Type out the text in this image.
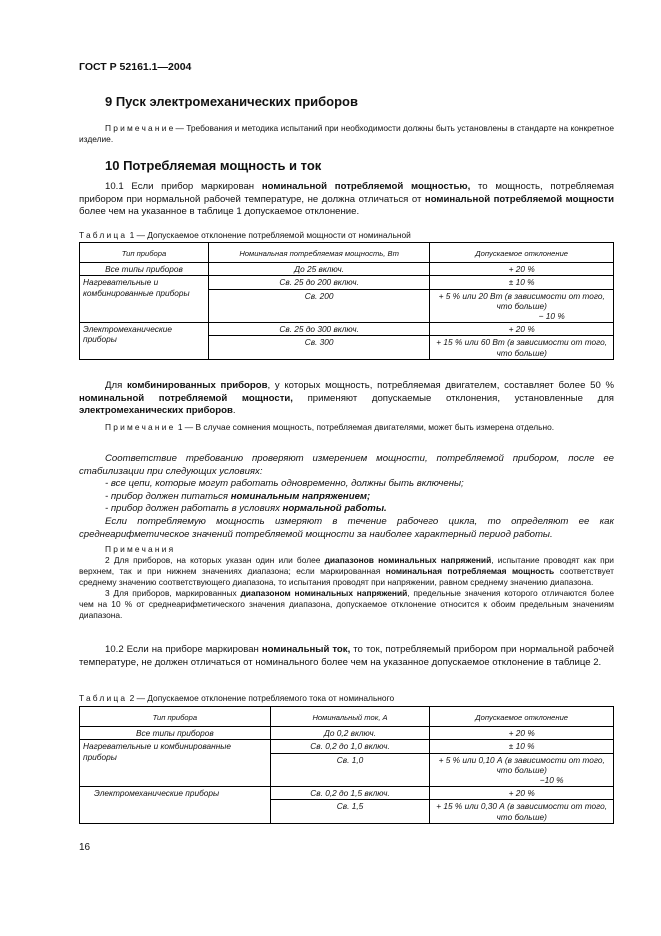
ГОСТ Р 52161.1—2004
9 Пуск электромеханических приборов
Примечание— Требования и методика испытаний при необходимости должны быть установлены в стандарте на конкретное изделие.
10 Потребляемая мощность и ток
10.1 Если прибор маркирован номинальной потребляемой мощностью, то мощность, потребляемая прибором при нормальной рабочей температуре, не должна отличаться от номинальной потребляемой мощности более чем на указанное в таблице 1 допускаемое отклонение.
Таблица 1 — Допускаемое отклонение потребляемой мощности от номинальной
Тип прибора	Номинальная потребляемая мощность, Вт	Допускаемое отклонение
Все типы приборов	До 25 включ.	+ 20 %
Нагревательные и комбинированные приборы	Св. 25 до 200 включ.	± 10 %
	Св. 200	+ 5 % или 20 Вт (в зависимости от того, что больше)
− 10 %

Электромеханические приборы	Св. 25 до 300 включ.	+ 20 %
	Св. 300	+ 15 % или 60 Вт (в зависимости от того, что больше)
Для комбинированных приборов, у которых мощность, потребляемая двигателем, составляет более 50 % номинальной потребляемой мощности, применяют допускаемые отклонения, установленные для электромеханических приборов.
Примечание 1 — В случае сомнения мощность, потребляемая двигателями, может быть измерена отдельно.
Соответствие требованию проверяют измерением мощности, потребляемой прибором, после ее стабилизации при следующих условиях:
- все цепи, которые могут работать одновременно, должны быть включены;
- прибор должен питаться номинальным напряжением;
- прибор должен работать в условиях нормальной работы.
Если потребляемую мощность измеряют в течение рабочего цикла, то определяют ее как среднеарифметическое значений потребляемой мощности за наиболее характерный период работы.
Примечания
2 Для приборов, на которых указан один или более диапазонов номинальных напряжений, испытание проводят как при верхнем, так и при нижнем значениях диапазона; если маркированная номинальная потребляемая мощность соответствует среднему значению соответствующего диапазона, то испытания проводят при напряжении, равном среднему значению диапазона.
3 Для приборов, маркированных диапазоном номинальных напряжений, предельные значения которого отличаются более чем на 10 % от среднеарифметического значения диапазона, допускаемое отклонение относится к обоим предельным значениям диапазона.
10.2 Если на приборе маркирован номинальный ток, то ток, потребляемый прибором при нормальной рабочей температуре, не должен отличаться от номинального более чем на указанное допускаемое отклонение в таблице 2.
Таблица 2 — Допускаемое отклонение потребляемого тока от номинального
Тип прибора	Номинальный ток, А	Допускаемое отклонение
Все типы приборов	До 0,2 включ.	+ 20 %
Нагревательные и комбинированные приборы	Св. 0,2 до 1,0 включ.	± 10 %
	Св. 1,0	+ 5 % или 0,10 А (в зависимости от того, что больше)
−10 %

Электромеханические приборы	Св. 0,2 до 1,5 включ.	+ 20 %
	Св. 1,5	+ 15 % или 0,30 А (в зависимости от того, что больше)
16
